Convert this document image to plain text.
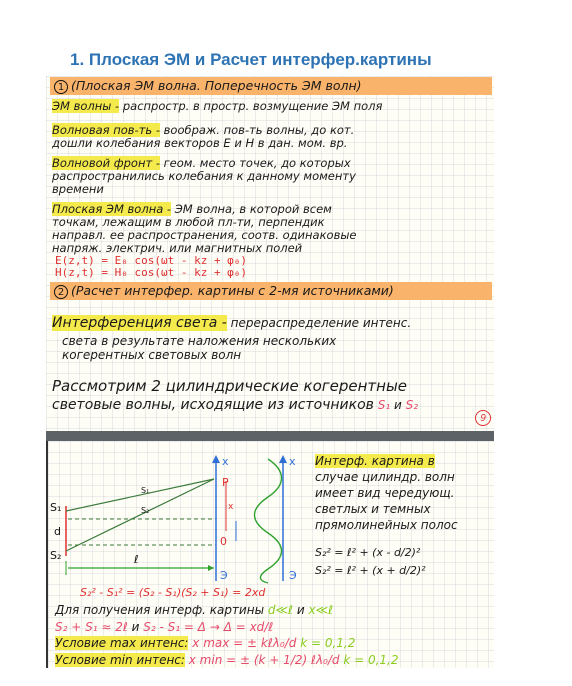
1. Плоская ЭМ и Расчет интерфер.картины
1 (Плоская ЭМ волна. Поперечность ЭМ волн)
ЭМ волны - распростр. в простр. возмущение ЭМ поля
Волновая пов-ть - воображ. пов-ть волны, до кот.
дошли колебания векторов E и H в дан. мом. вр.
Волновой фронт - геом. место точек, до которых
распространились колебания к данному моменту
времени
Плоская ЭМ волна - ЭМ волна, в которой всем
точкам, лежащим в любой пл-ти, перпендик
направл. ее распространения, соотв. одинаковые
напряж. электрич. или магнитных полей
E(z,t) = E₀ cos(ωt - kz + φ₀)
H(z,t) = H₀ cos(ωt - kz + φ₀)
2 (Расчет интерфер. картины с 2-мя источниками)
Интерференция света - перераспределение интенс.
света в результате наложения нескольких
когерентных световых волн
Рассмотрим 2 цилиндрические когерентные
световые волны, исходящие из источников S₁ и S₂
9
S₁
S₂
d
ℓ
S₁
S₂
P
x
0
x	x
Э	Э
Интерф. картина в
случае цилиндр. волн
имеет вид чередующ.
светлых и темных
прямолинейных полос
S₂² = ℓ² + (x - d/2)²
S₂² = ℓ² + (x + d/2)²
S₂² - S₁² = (S₂ - S₁)(S₂ + S₁) = 2xd
Для получения интерф. картины d≪ℓ и x≪ℓ
S₂ + S₁ ≈ 2ℓ и S₂ - S₁ = Δ → Δ = xd/ℓ
Условие max интенс: x max = ± kℓλ₀/d k = 0,1,2
Условие min интенс: x min = ± (k + 1/2) ℓλ₀/d k = 0,1,2
